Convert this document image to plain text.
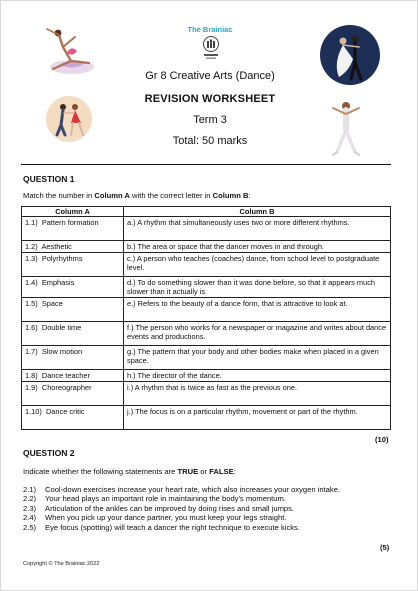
The Brainiac
Gr 8 Creative Arts (Dance)
REVISION WORKSHEET
Term 3
Total: 50 marks
QUESTION 1
Match the number in Column A with the correct letter in Column B:
Column A	Column B
1.1) Pattern formation	a.) A rhythm that simultaneously uses two or more different rhythms.
1.2) Aesthetic	b.) The area or space that the dancer moves in and through.
1.3) Polyrhythms	c.) A person who teaches (coaches) dance, from school level to postgraduate level.
1.4) Emphasis	d.) To do something slower than it was done before, so that it appears much slower than it actually is
1.5) Space	e.) Refers to the beauty of a dance form, that is attractive to look at.
1.6) Double time	f.) The person who works for a newspaper or magazine and writes about dance events and productions.
1.7) Slow motion	g.) The pattern that your body and other bodies make when placed in a given space.
1.8) Dance teacher	h.) The director of the dance.
1.9) Choreographer	i.) A rhythm that is twice as fast as the previous one.
1.10) Dance critic	j.) The focus is on a particular rhythm, movement or part of the rhythm.
(10)
QUESTION 2
Indicate whether the following statements are TRUE or FALSE:
2.1)	Cool-down exercises increase your heart rate, which also increases your oxygen intake.
2.2)	Your head plays an important role in maintaining the body's momentum.
2.3)	Articulation of the ankles can be improved by doing rises and small jumps.
2.4)	When you pick up your dance partner, you must keep your legs straight.
2.5)	Eye focus (spotting) will teach a dancer the right technique to execute kicks.
(5)
Copyright © The Brainiac 2022
